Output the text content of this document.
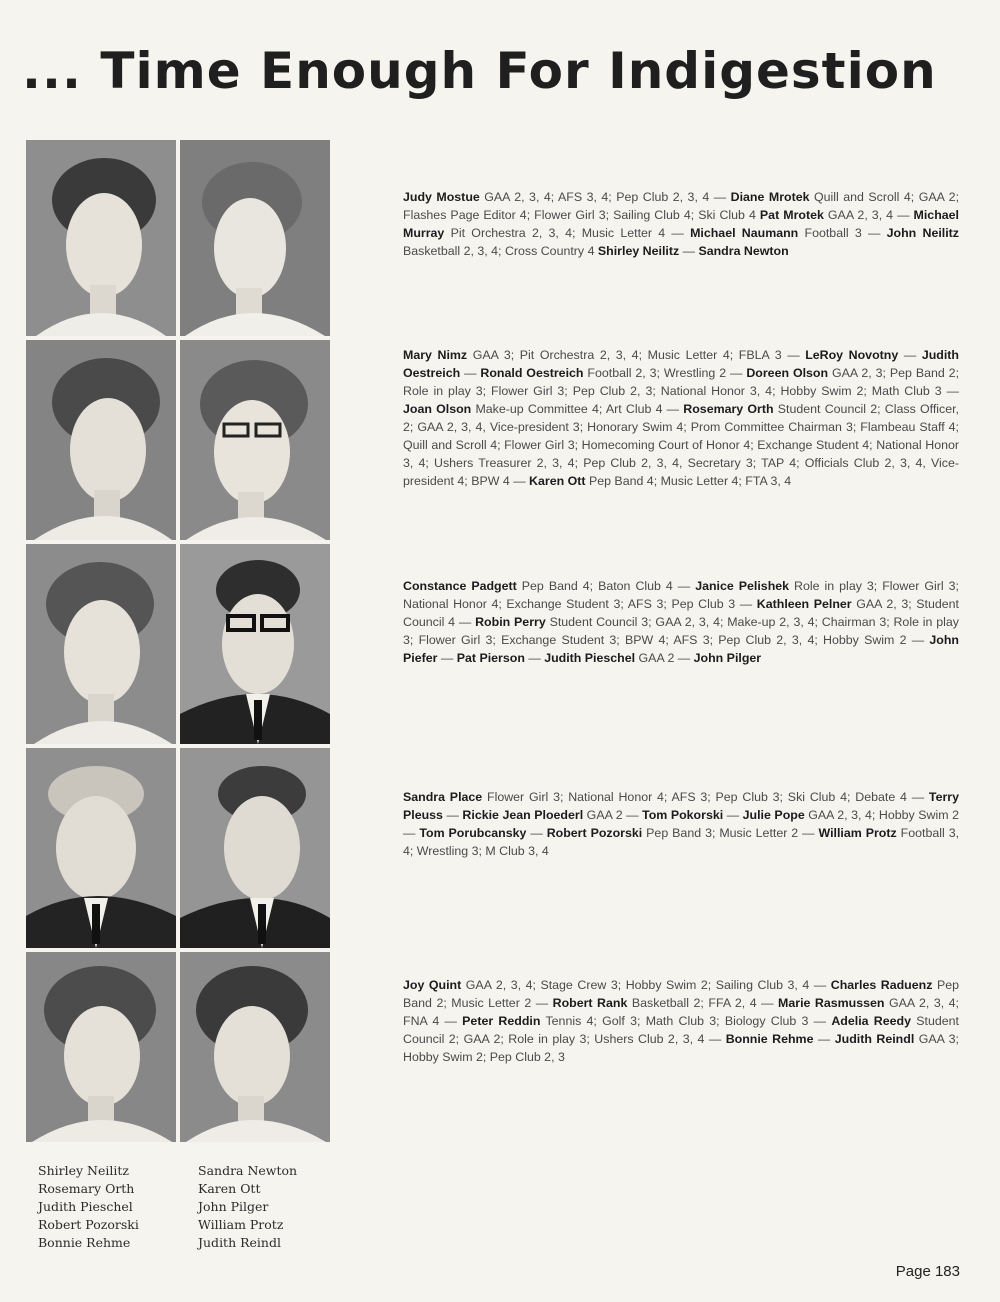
... Time Enough For Indigestion

Judy Mostue GAA 2, 3, 4; AFS 3, 4; Pep Club 2, 3, 4 — Diane Mrotek Quill and Scroll 4; GAA 2; Flashes Page Editor 4; Flower Girl 3; Sailing Club 4; Ski Club 4 Pat Mrotek GAA 2, 3, 4 — Michael Murray Pit Orchestra 2, 3, 4; Music Letter 4 — Michael Naumann Football 3 — John Neilitz Basketball 2, 3, 4; Cross Country 4 Shirley Neilitz — Sandra Newton

Mary Nimz GAA 3; Pit Orchestra 2, 3, 4; Music Letter 4; FBLA 3 — LeRoy Novotny — Judith Oestreich — Ronald Oestreich Football 2, 3; Wrestling 2 — Doreen Olson GAA 2, 3; Pep Band 2; Role in play 3; Flower Girl 3; Pep Club 2, 3; National Honor 3, 4; Hobby Swim 2; Math Club 3 — Joan Olson Make-up Committee 4; Art Club 4 — Rosemary Orth Student Council 2; Class Officer, 2; GAA 2, 3, 4, Vice-president 3; Honorary Swim 4; Prom Committee Chairman 3; Flambeau Staff 4; Quill and Scroll 4; Flower Girl 3; Homecoming Court of Honor 4; Exchange Student 4; National Honor 3, 4; Ushers Treasurer 2, 3, 4; Pep Club 2, 3, 4, Secretary 3; TAP 4; Officials Club 2, 3, 4, Vice-president 4; BPW 4 — Karen Ott Pep Band 4; Music Letter 4; FTA 3, 4

Constance Padgett Pep Band 4; Baton Club 4 — Janice Pelishek Role in play 3; Flower Girl 3; National Honor 4; Exchange Student 3; AFS 3; Pep Club 3 — Kathleen Pelner GAA 2, 3; Student Council 4 — Robin Perry Student Council 3; GAA 2, 3, 4; Make-up 2, 3, 4; Chairman 3; Role in play 3; Flower Girl 3; Exchange Student 3; BPW 4; AFS 3; Pep Club 2, 3, 4; Hobby Swim 2 — John Piefer — Pat Pierson — Judith Pieschel GAA 2 — John Pilger

Sandra Place Flower Girl 3; National Honor 4; AFS 3; Pep Club 3; Ski Club 4; Debate 4 — Terry Pleuss — Rickie Jean Ploederl GAA 2 — Tom Pokorski — Julie Pope GAA 2, 3, 4; Hobby Swim 2 — Tom Porubcansky — Robert Pozorski Pep Band 3; Music Letter 2 — William Protz Football 3, 4; Wrestling 3; M Club 3, 4

Joy Quint GAA 2, 3, 4; Stage Crew 3; Hobby Swim 2; Sailing Club 3, 4 — Charles Raduenz Pep Band 2; Music Letter 2 — Robert Rank Basketball 2; FFA 2, 4 — Marie Rasmussen GAA 2, 3, 4; FNA 4 — Peter Reddin Tennis 4; Golf 3; Math Club 3; Biology Club 3 — Adelia Reedy Student Council 2; GAA 2; Role in play 3; Ushers Club 2, 3, 4 — Bonnie Rehme — Judith Reindl GAA 3; Hobby Swim 2; Pep Club 2, 3

Shirley Neilitz
Rosemary Orth
Judith Pieschel
Robert Pozorski
Bonnie Rehme
Sandra Newton
Karen Ott
John Pilger
William Protz
Judith Reindl
Page 183
